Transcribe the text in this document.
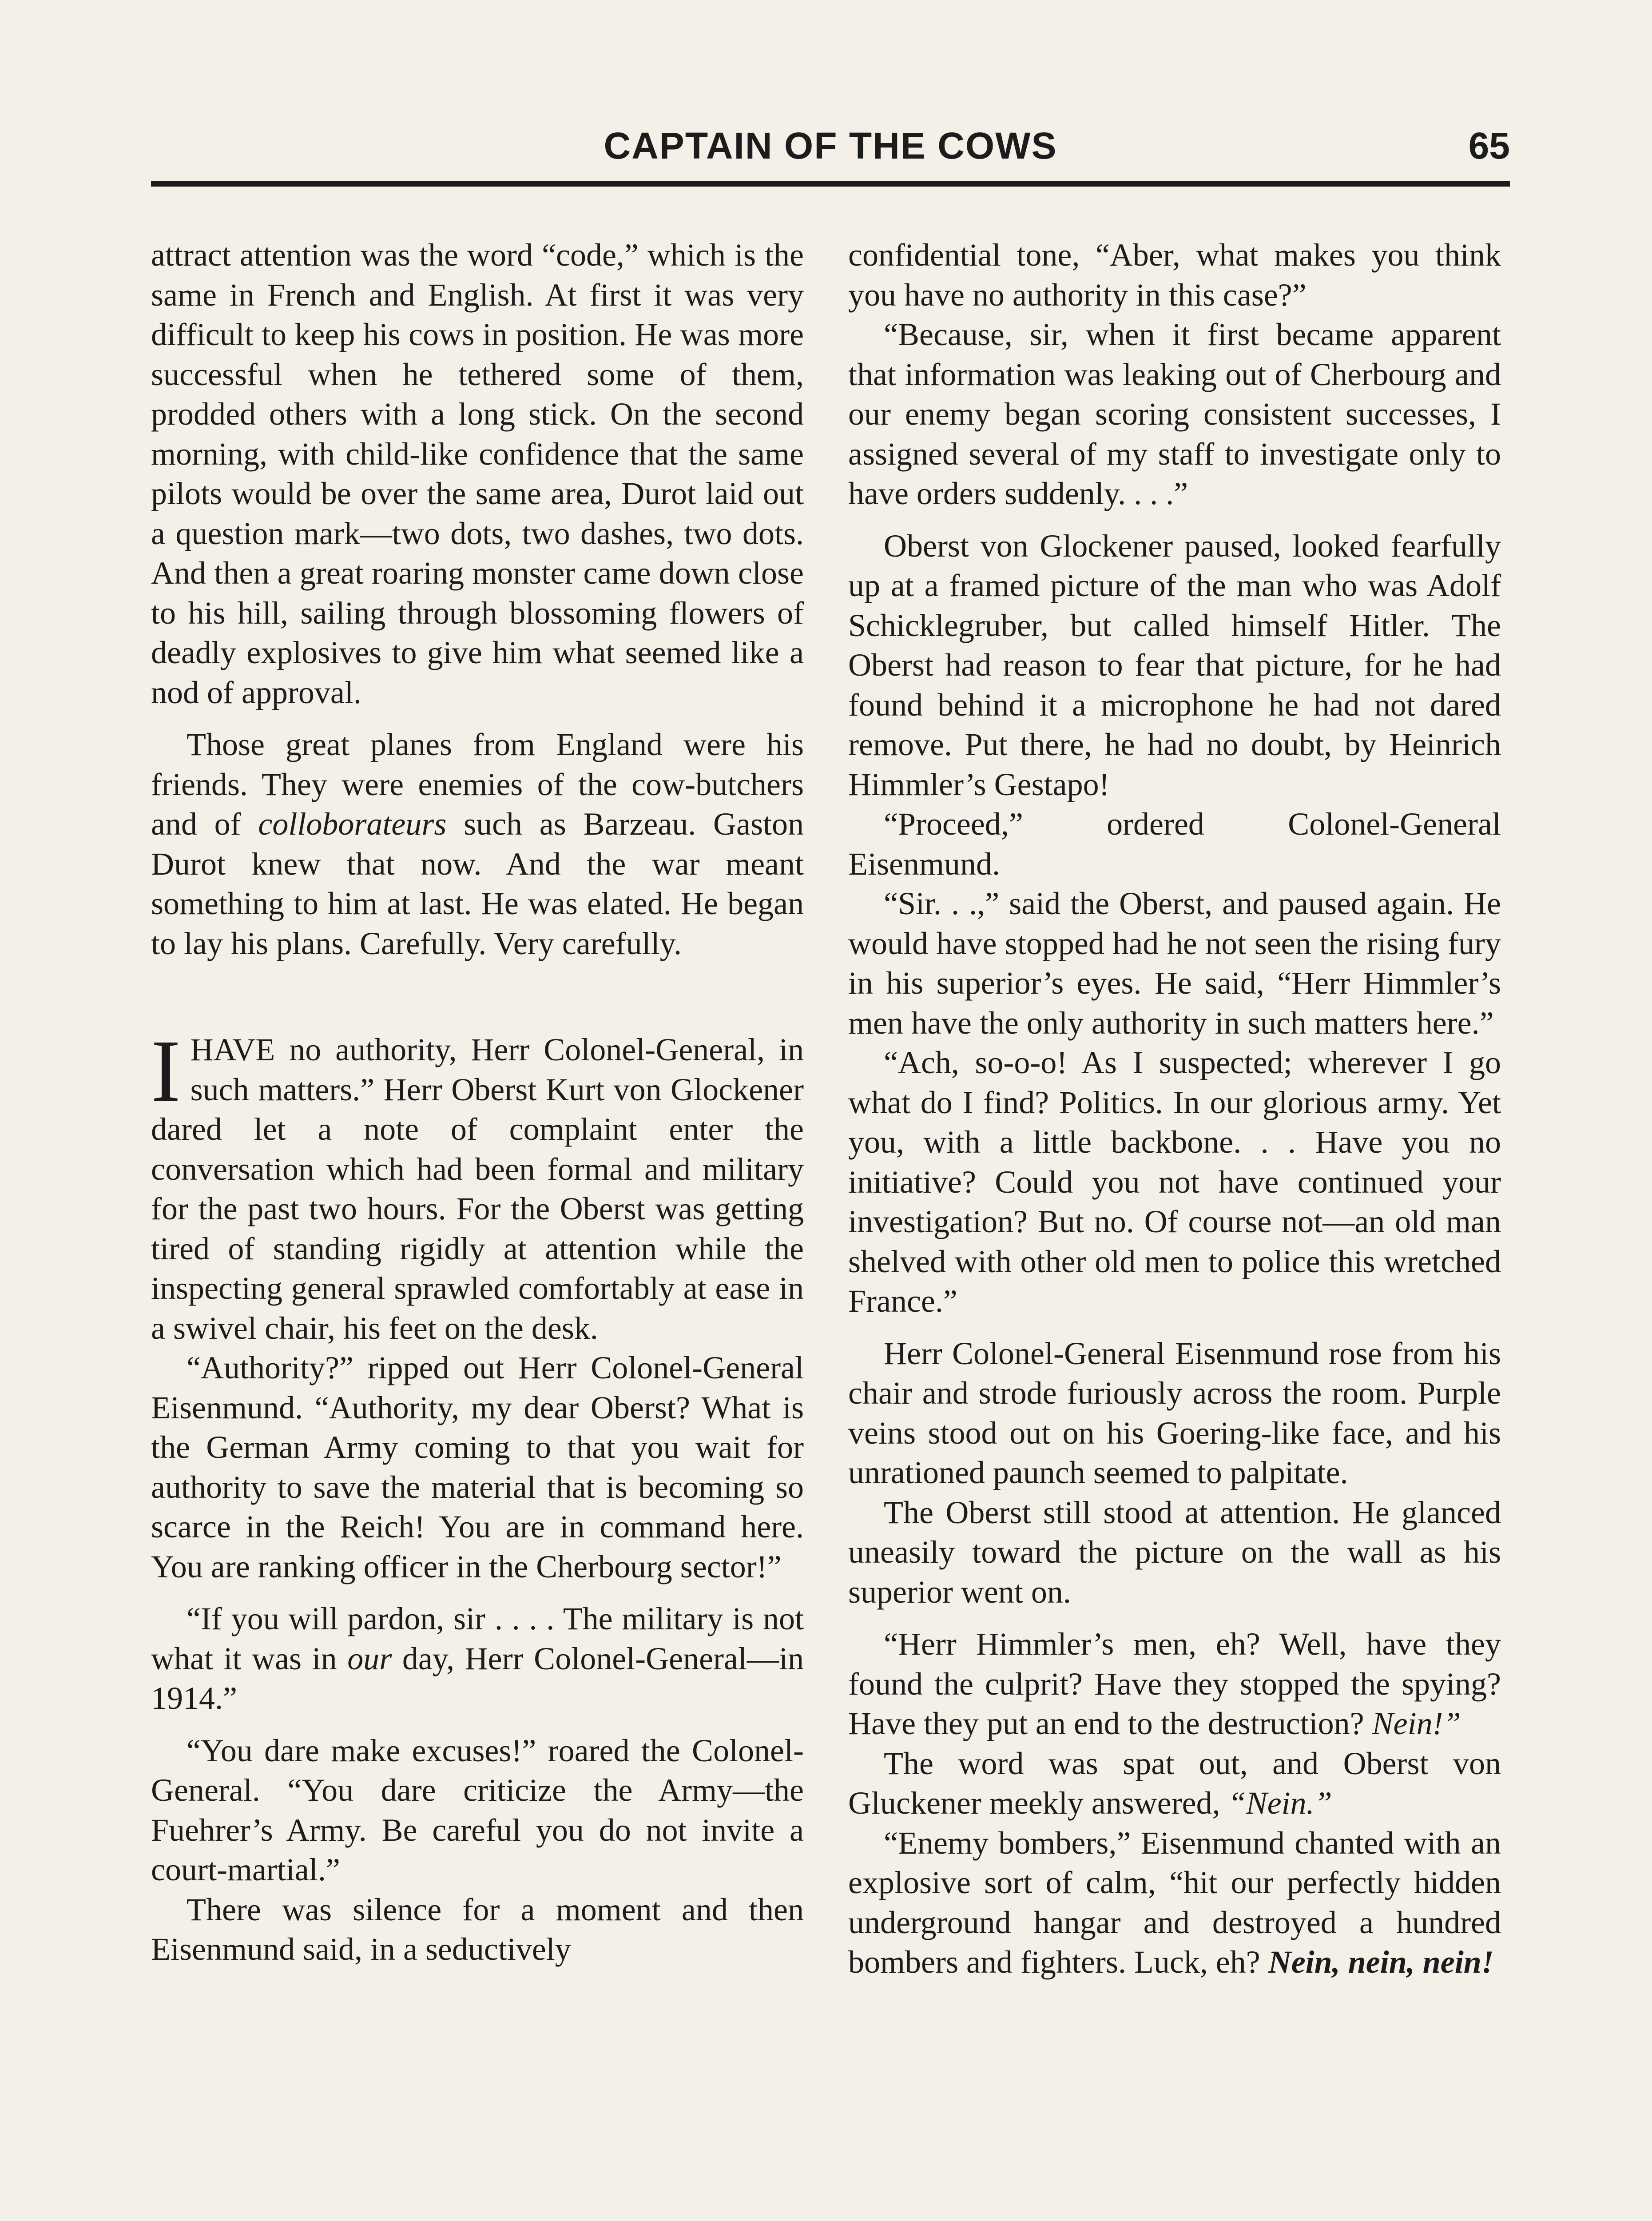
CAPTAIN OF THE COWS	65

attract attention was the word “code,” which is the same in French and English. At first it was very difficult to keep his cows in position. He was more successful when he tethered some of them, prodded others with a long stick. On the second morning, with child-like confidence that the same pilots would be over the same area, Durot laid out a question mark—two dots, two dashes, two dots. And then a great roaring monster came down close to his hill, sailing through blossoming flowers of deadly explosives to give him what seemed like a nod of approval.

Those great planes from England were his friends. They were enemies of the cow-butchers and of colloborateurs such as Barzeau. Gaston Durot knew that now. And the war meant something to him at last. He was elated. He began to lay his plans. Carefully. Very carefully.

I HAVE no authority, Herr Colonel-General, in such matters.” Herr Oberst Kurt von Glockener dared let a note of complaint enter the conversation which had been formal and military for the past two hours. For the Oberst was getting tired of standing rigidly at attention while the inspecting general sprawled comfortably at ease in a swivel chair, his feet on the desk.

“Authority?” ripped out Herr Colonel-General Eisenmund. “Authority, my dear Oberst? What is the German Army coming to that you wait for authority to save the material that is becoming so scarce in the Reich! You are in command here. You are ranking officer in the Cherbourg sector!”

“If you will pardon, sir . . . . The military is not what it was in our day, Herr Colonel-General—in 1914.”

“You dare make excuses!” roared the Colonel-General. “You dare criticize the Army—the Fuehrer’s Army. Be careful you do not invite a court-martial.”

There was silence for a moment and then Eisenmund said, in a seductively

confidential tone, “Aber, what makes you think you have no authority in this case?”

“Because, sir, when it first became apparent that information was leaking out of Cherbourg and our enemy began scoring consistent successes, I assigned several of my staff to investigate only to have orders suddenly. . . .”

Oberst von Glockener paused, looked fearfully up at a framed picture of the man who was Adolf Schicklegruber, but called himself Hitler. The Oberst had reason to fear that picture, for he had found behind it a microphone he had not dared remove. Put there, he had no doubt, by Heinrich Himmler’s Gestapo!

“Proceed,” ordered Colonel-General Eisenmund.

“Sir. . .,” said the Oberst, and paused again. He would have stopped had he not seen the rising fury in his superior’s eyes. He said, “Herr Himmler’s men have the only authority in such matters here.”

“Ach, so-o-o! As I suspected; wherever I go what do I find? Politics. In our glorious army. Yet you, with a little backbone. . . Have you no initiative? Could you not have continued your investigation? But no. Of course not—an old man shelved with other old men to police this wretched France.”

Herr Colonel-General Eisenmund rose from his chair and strode furiously across the room. Purple veins stood out on his Goering-like face, and his unrationed paunch seemed to palpitate.

The Oberst still stood at attention. He glanced uneasily toward the picture on the wall as his superior went on.

“Herr Himmler’s men, eh? Well, have they found the culprit? Have they stopped the spying? Have they put an end to the destruction? Nein!”

The word was spat out, and Oberst von Gluckener meekly answered, “Nein.”

“Enemy bombers,” Eisenmund chanted with an explosive sort of calm, “hit our perfectly hidden underground hangar and destroyed a hundred bombers and fighters. Luck, eh? Nein, nein, nein!
